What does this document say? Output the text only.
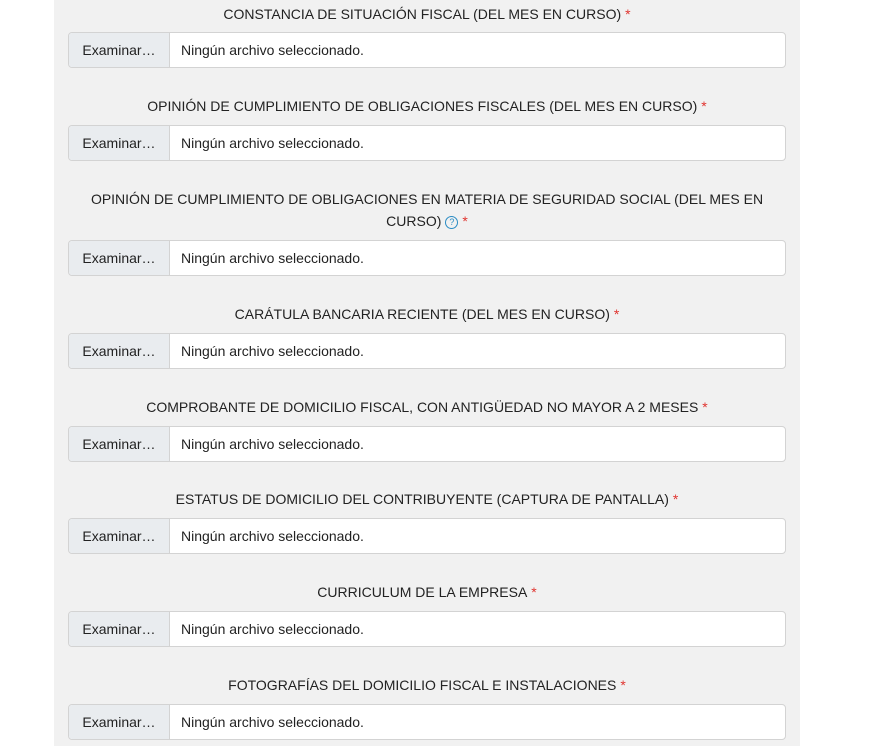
CONSTANCIA DE SITUACIÓN FISCAL (DEL MES EN CURSO) *
Examinar…	Ningún archivo seleccionado.
OPINIÓN DE CUMPLIMIENTO DE OBLIGACIONES FISCALES (DEL MES EN CURSO) *
Examinar…	Ningún archivo seleccionado.
OPINIÓN DE CUMPLIMIENTO DE OBLIGACIONES EN MATERIA DE SEGURIDAD SOCIAL (DEL MES EN CURSO) ? *
Examinar…	Ningún archivo seleccionado.
CARÁTULA BANCARIA RECIENTE (DEL MES EN CURSO) *
Examinar…	Ningún archivo seleccionado.
COMPROBANTE DE DOMICILIO FISCAL, CON ANTIGÜEDAD NO MAYOR A 2 MESES *
Examinar…	Ningún archivo seleccionado.
ESTATUS DE DOMICILIO DEL CONTRIBUYENTE (CAPTURA DE PANTALLA) *
Examinar…	Ningún archivo seleccionado.
CURRICULUM DE LA EMPRESA *
Examinar…	Ningún archivo seleccionado.
FOTOGRAFÍAS DEL DOMICILIO FISCAL E INSTALACIONES *
Examinar…	Ningún archivo seleccionado.
